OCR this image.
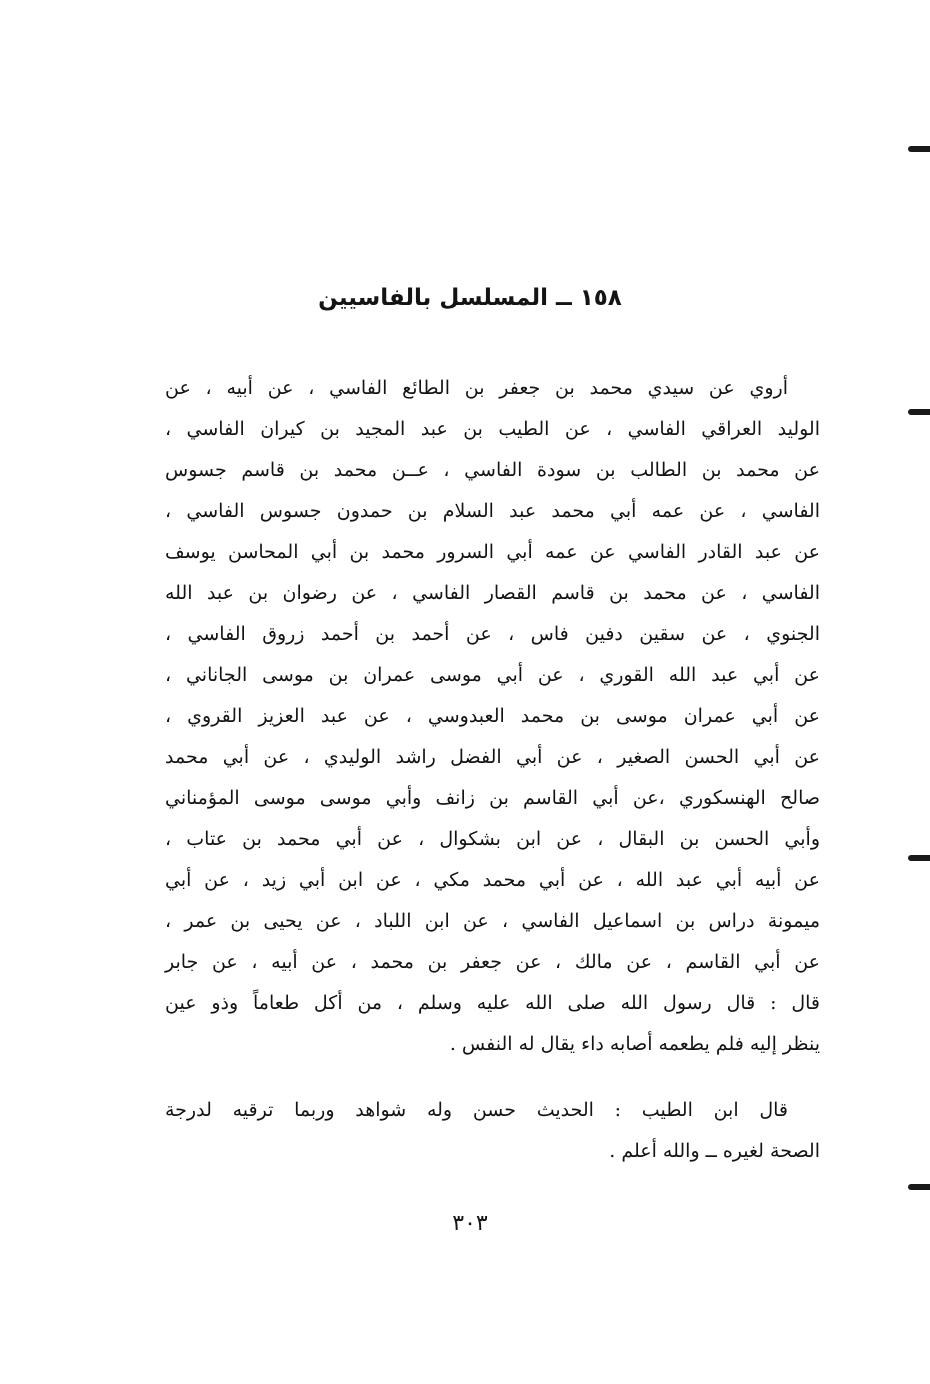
١٥٨ ــ المسلسل بالفاسيين
أروي عن سيدي محمد بن جعفر بن الطائع الفاسي ، عن أبيه ، عن
الوليد العراقي الفاسي ، عن الطيب بن عبد المجيد بن كيران الفاسي ،
عن محمد بن الطالب بن سودة الفاسي ، عــن محمد بن قاسم جسوس
الفاسي ، عن عمه أبي محمد عبد السلام بن حمدون جسوس الفاسي ،
عن عبد القادر الفاسي عن عمه أبي السرور محمد بن أبي المحاسن يوسف
الفاسي ، عن محمد بن قاسم القصار الفاسي ، عن رضوان بن عبد الله
الجنوي ، عن سقين دفين فاس ، عن أحمد بن أحمد زروق الفاسي ،
عن أبي عبد الله القوري ، عن أبي موسى عمران بن موسى الجاناني ،
عن أبي عمران موسى بن محمد العبدوسي ، عن عبد العزيز القروي ،
عن أبي الحسن الصغير ، عن أبي الفضل راشد الوليدي ، عن أبي محمد
صالح الهنسكوري ،عن أبي القاسم بن زانف وأبي موسى موسى المؤمناني
وأبي الحسن بن البقال ، عن ابن بشكوال ، عن أبي محمد بن عتاب ،
عن أبيه أبي عبد الله ، عن أبي محمد مكي ، عن ابن أبي زيد ، عن أبي
ميمونة دراس بن اسماعيل الفاسي ، عن ابن اللباد ، عن يحيى بن عمر ،
عن أبي القاسم ، عن مالك ، عن جعفر بن محمد ، عن أبيه ، عن جابر
قال : قال رسول الله صلى الله عليه وسلم ، من أكل طعاماً وذو عين
ينظر إليه فلم يطعمه أصابه داء يقال له النفس .
قال ابن الطيب : الحديث حسن وله شواهد وربما ترقيه لدرجة
الصحة لغيره ــ والله أعلم .
٣٠٣
